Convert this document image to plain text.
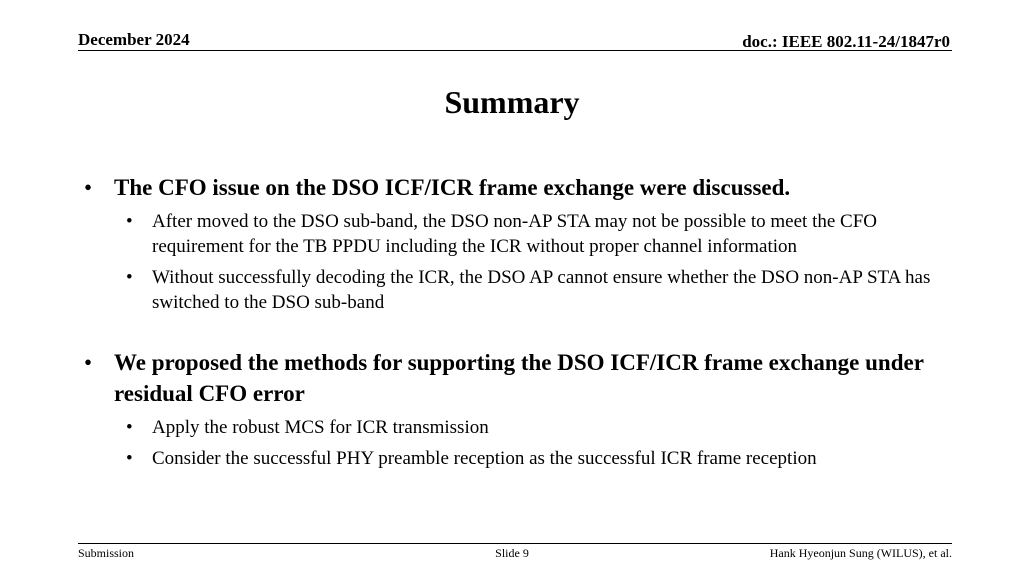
December 2024	doc.: IEEE 802.11-24/1847r0
Summary
• The CFO issue on the DSO ICF/ICR frame exchange were discussed.
• After moved to the DSO sub-band, the DSO non-AP STA may not be possible to meet the CFO requirement for the TB PPDU including the ICR without proper channel information
• Without successfully decoding the ICR, the DSO AP cannot ensure whether the DSO non-AP STA has switched to the DSO sub-band
• We proposed the methods for supporting the DSO ICF/ICR frame exchange under residual CFO error
• Apply the robust MCS for ICR transmission
• Consider the successful PHY preamble reception as the successful ICR frame reception
Submission	Slide 9	Hank Hyeonjun Sung (WILUS), et al.
